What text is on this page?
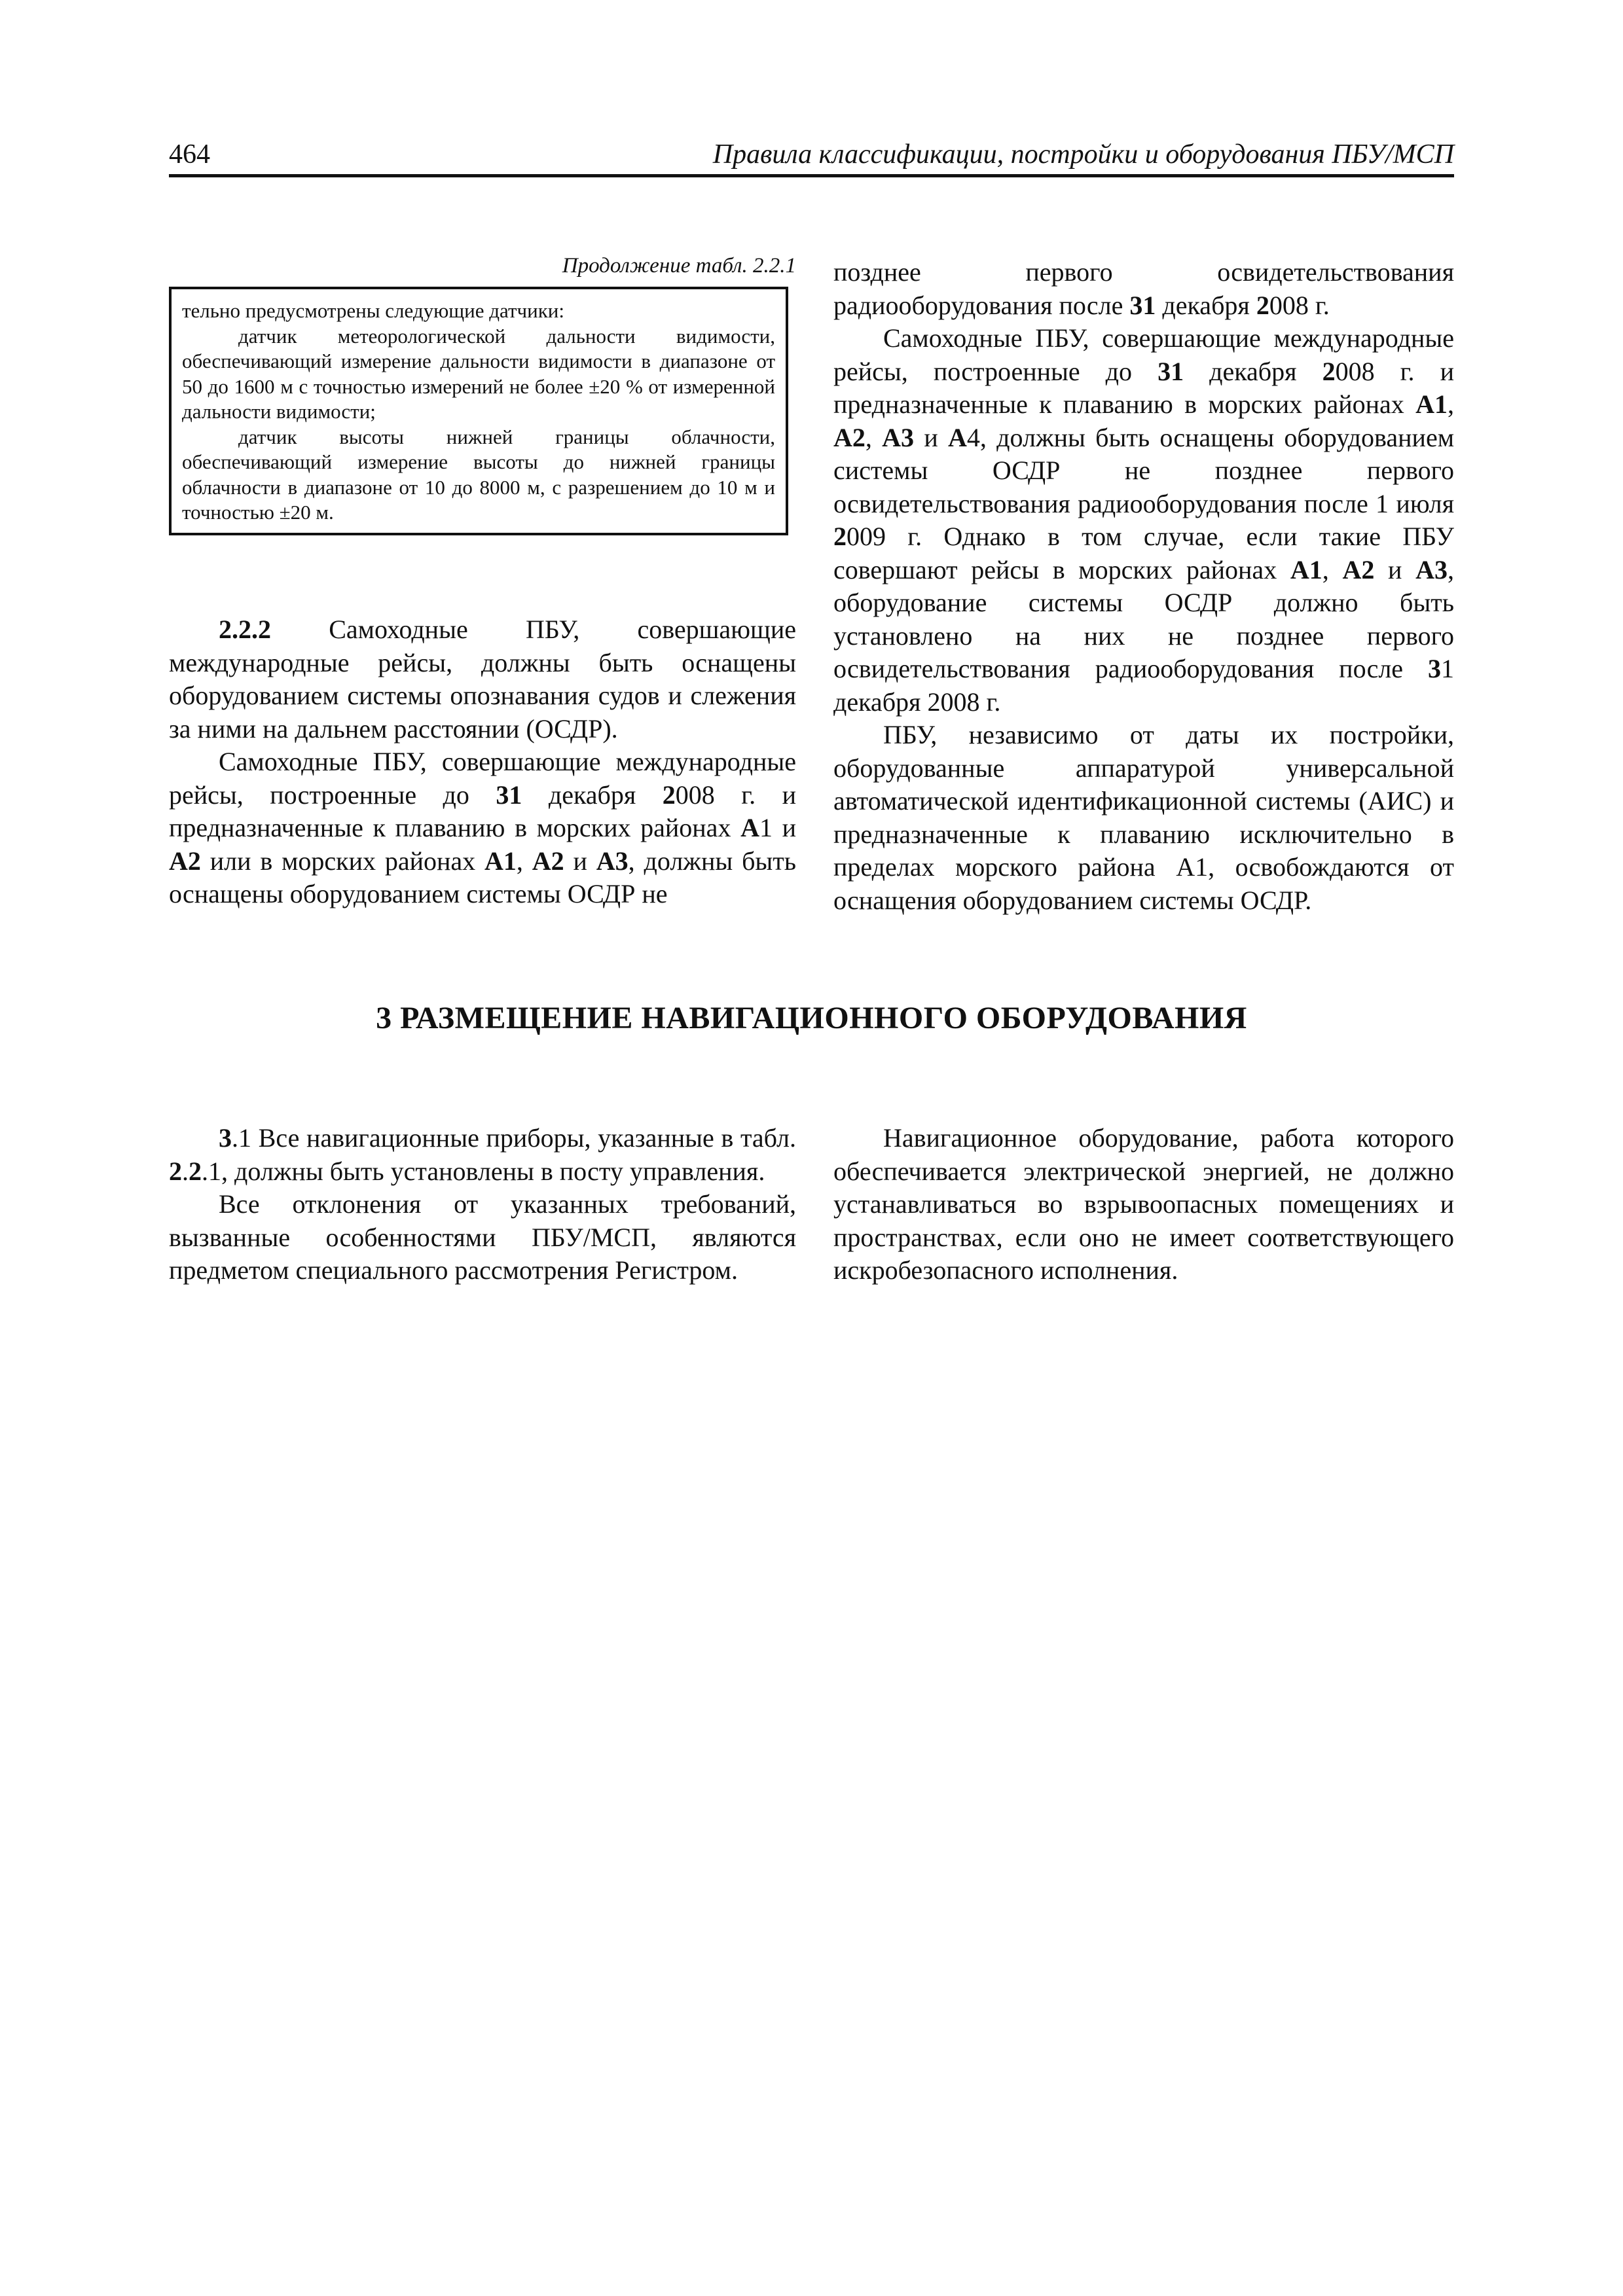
464	Правила классификации, постройки и оборудования ПБУ/МСП
Продолжение табл. 2.2.1

тельно предусмотрены следующие датчики:

датчик метеорологической дальности видимости, обеспечивающий измерение дальности видимости в диапазоне от 50 до 1600 м с точностью измерений не более ±20 % от измеренной дальности видимости;

датчик высоты нижней границы облачности, обеспечивающий измерение высоты до нижней границы облачности в диапазоне от 10 до 8000 м, с разрешением до 10 м и точностью ±20 м.

2.2.2 Самоходные ПБУ, совершающие международные рейсы, должны быть оснащены оборудованием системы опознавания судов и слежения за ними на дальнем расстоянии (ОСДР).

Самоходные ПБУ, совершающие международные рейсы, построенные до 31 декабря 2008 г. и предназначенные к плаванию в морских районах А1 и А2 или в морских районах А1, А2 и А3, должны быть оснащены оборудованием системы ОСДР не

позднее первого освидетельствования радиооборудования после 31 декабря 2008 г.

Самоходные ПБУ, совершающие международные рейсы, построенные до 31 декабря 2008 г. и предназначенные к плаванию в морских районах А1, А2, А3 и А4, должны быть оснащены оборудованием системы ОСДР не позднее первого освидетельствования радиооборудования после 1 июля 2009 г. Однако в том случае, если такие ПБУ совершают рейсы в морских районах А1, А2 и А3, оборудование системы ОСДР должно быть установлено на них не позднее первого освидетельствования радиооборудования после 31 декабря 2008 г.

ПБУ, независимо от даты их постройки, оборудованные аппаратурой универсальной автоматической идентификационной системы (АИС) и предназначенные к плаванию исключительно в пределах морского района А1, освобождаются от оснащения оборудованием системы ОСДР.

3 РАЗМЕЩЕНИЕ НАВИГАЦИОННОГО ОБОРУДОВАНИЯ

3.1 Все навигационные приборы, указанные в табл. 2.2.1, должны быть установлены в посту управления.

Все отклонения от указанных требований, вызванные особенностями ПБУ/МСП, являются предметом специального рассмотрения Регистром.

Навигационное оборудование, работа которого обеспечивается электрической энергией, не должно устанавливаться во взрывоопасных помещениях и пространствах, если оно не имеет соответствующего искробезопасного исполнения.
